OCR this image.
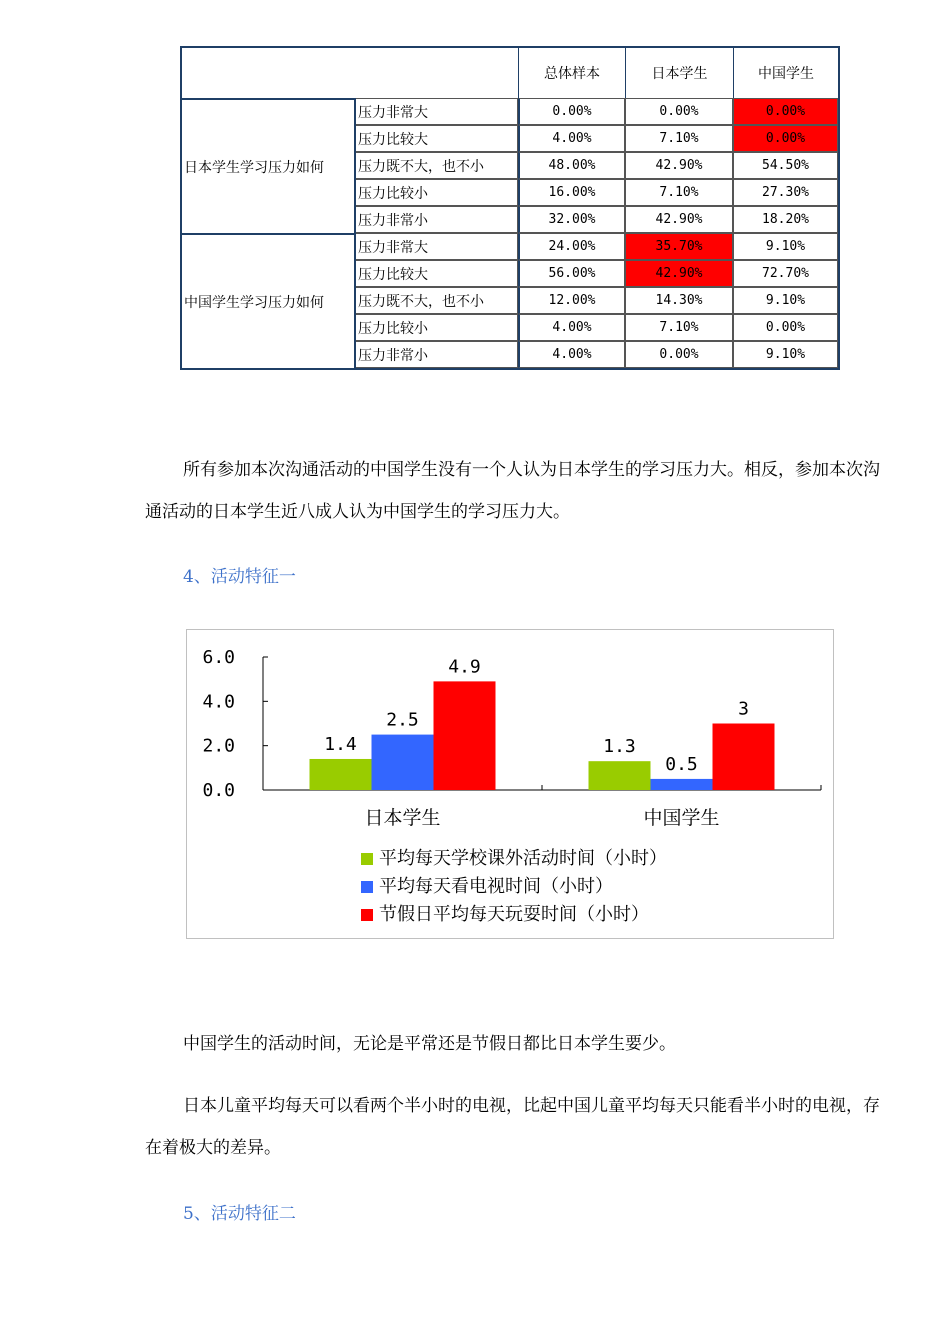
		总体样本	日本学生	中国学生
日本学生学习压力如何	压力非常大	0.00%	0.00%	0.00%
	压力比较大	4.00%	7.10%	0.00%
	压力既不大，也不小	48.00%	42.90%	54.50%
	压力比较小	16.00%	7.10%	27.30%
	压力非常小	32.00%	42.90%	18.20%
中国学生学习压力如何	压力非常大	24.00%	35.70%	9.10%
	压力比较大	56.00%	42.90%	72.70%
	压力既不大，也不小	12.00%	14.30%	9.10%
	压力比较小	4.00%	7.10%	0.00%
	压力非常小	4.00%	0.00%	9.10%

所有参加本次沟通活动的中国学生没有一个人认为日本学生的学习压力大。相反，参加本次沟通活动的日本学生近八成人认为中国学生的学习压力大。

4、活动特征一

0.0
2.0
4.0
6.0
1.4
2.5
4.9
日本学生
1.3
0.5
3
中国学生
平均每天学校课外活动时间（小时）
平均每天看电视时间（小时）
节假日平均每天玩耍时间（小时）

中国学生的活动时间，无论是平常还是节假日都比日本学生要少。

日本儿童平均每天可以看两个半小时的电视，比起中国儿童平均每天只能看半小时的电视，存在着极大的差异。

5、活动特征二
